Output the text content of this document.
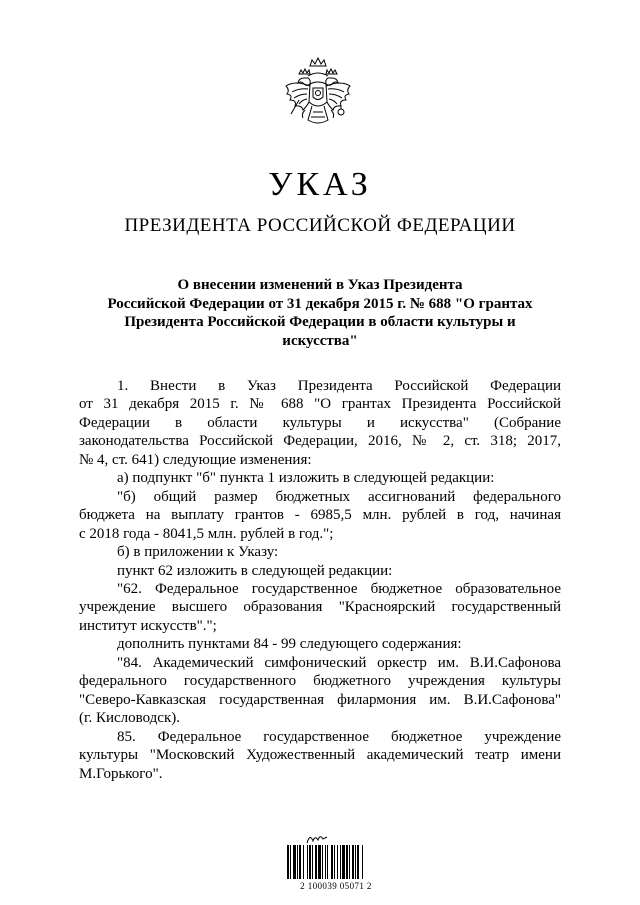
УКАЗ
ПРЕЗИДЕНТА РОССИЙСКОЙ ФЕДЕРАЦИИ
О внесении изменений в Указ Президента
Российской Федерации от 31 декабря 2015 г. № 688 "О грантах
Президента Российской Федерации в области культуры и
искусства"

1. Внести в Указ Президента Российской Федерации

от 31 декабря 2015 г. № 688 "О грантах Президента Российской

Федерации в области культуры и искусства" (Собрание

законодательства Российской Федерации, 2016, № 2, ст. 318; 2017,

№ 4, ст. 641) следующие изменения:

а) подпункт "б" пункта 1 изложить в следующей редакции:

"б) общий размер бюджетных ассигнований федерального

бюджета на выплату грантов - 6985,5 млн. рублей в год, начиная

с 2018 года - 8041,5 млн. рублей в год.";

б) в приложении к Указу:

пункт 62 изложить в следующей редакции:

"62. Федеральное государственное бюджетное образовательное

учреждение высшего образования "Красноярский государственный

институт искусств".";

дополнить пунктами 84 - 99 следующего содержания:

"84. Академический симфонический оркестр им. В.И.Сафонова

федерального государственного бюджетного учреждения культуры

"Северо-Кавказская государственная филармония им. В.И.Сафонова"

(г. Кисловодск).

85. Федеральное государственное бюджетное учреждение

культуры "Московский Художественный академический театр имени

М.Горького".

2 100039 05071 2
